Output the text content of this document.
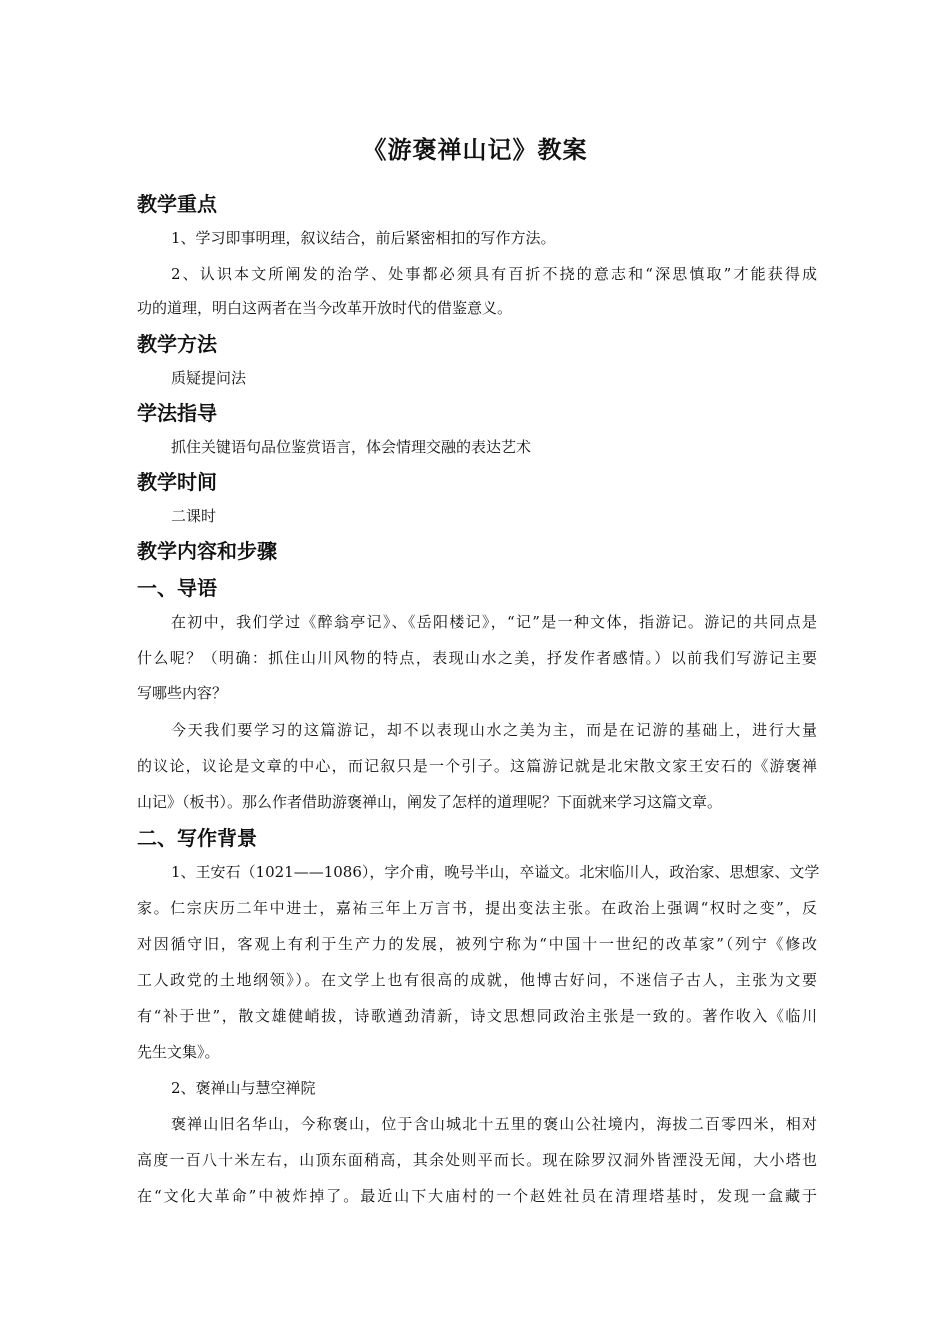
《游褒禅山记》教案
教学重点
1、学习即事明理，叙议结合，前后紧密相扣的写作方法。
2、认识本文所阐发的治学、处事都必须具有百折不挠的意志和“深思慎取”才能获得成
功的道理，明白这两者在当今改革开放时代的借鉴意义。
教学方法
质疑提问法
学法指导
抓住关键语句品位鉴赏语言，体会情理交融的表达艺术
教学时间
二课时
教学内容和步骤
一、导语
在初中，我们学过《醉翁亭记》、《岳阳楼记》，“记”是一种文体，指游记。游记的共同点是
什么呢？（明确：抓住山川风物的特点，表现山水之美，抒发作者感情。）以前我们写游记主要
写哪些内容？
今天我们要学习的这篇游记，却不以表现山水之美为主，而是在记游的基础上，进行大量
的议论，议论是文章的中心，而记叙只是一个引子。这篇游记就是北宋散文家王安石的《游褒禅
山记》（板书）。那么作者借助游褒禅山，阐发了怎样的道理呢？下面就来学习这篇文章。
二、写作背景
1、王安石（1021——1086），字介甫，晚号半山，卒谥文。北宋临川人，政治家、思想家、文学
家。仁宗庆历二年中进士，嘉祐三年上万言书，提出变法主张。在政治上强调“权时之变”，反
对因循守旧，客观上有利于生产力的发展，被列宁称为“中国十一世纪的改革家”（列宁《修改
工人政党的土地纲领》）。在文学上也有很高的成就，他博古好问，不迷信子古人，主张为文要
有“补于世”，散文雄健峭拔，诗歌遒劲清新，诗文思想同政治主张是一致的。著作收入《临川
先生文集》。
2、褒禅山与慧空禅院
褒禅山旧名华山，今称褒山，位于含山城北十五里的褒山公社境内，海拔二百零四米，相对
高度一百八十米左右，山顶东面稍高，其余处则平而长。现在除罗汉洞外皆湮没无闻，大小塔也
在“文化大革命”中被炸掉了。最近山下大庙村的一个赵姓社员在清理塔基时，发现一盒藏于
